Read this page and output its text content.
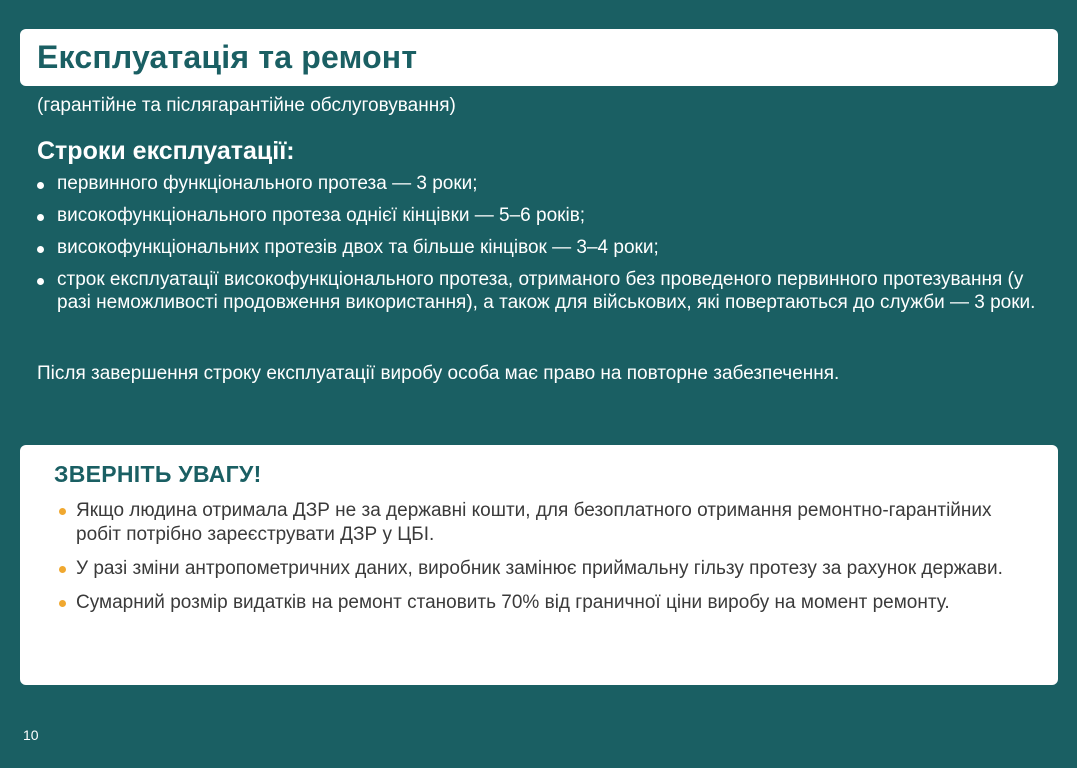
Експлуатація та ремонт
(гарантійне та післягарантійне обслуговування)
Строки експлуатації:
первинного функціонального протеза — 3 роки;
високофункціонального протеза однієї кінцівки — 5–6 років;
високофункціональних протезів двох та більше кінцівок — 3–4 роки;
строк експлуатації високофункціонального протеза, отриманого без проведеного первинного протезування (у разі неможливості продовження використання), а також для військових, які повертаються до служби — 3 роки.

Після завершення строку експлуатації виробу особа має право на повторне забезпечення.

ЗВЕРНІТЬ УВАГУ!
Якщо людина отримала ДЗР не за державні кошти, для безоплатного отримання ремонтно-гарантійних робіт потрібно зареєструвати ДЗР у ЦБІ.
У разі зміни антропометричних даних, виробник замінює приймальну гільзу протезу за рахунок держави.
Сумарний розмір видатків на ремонт становить 70% від граничної ціни виробу на момент ремонту.
10
